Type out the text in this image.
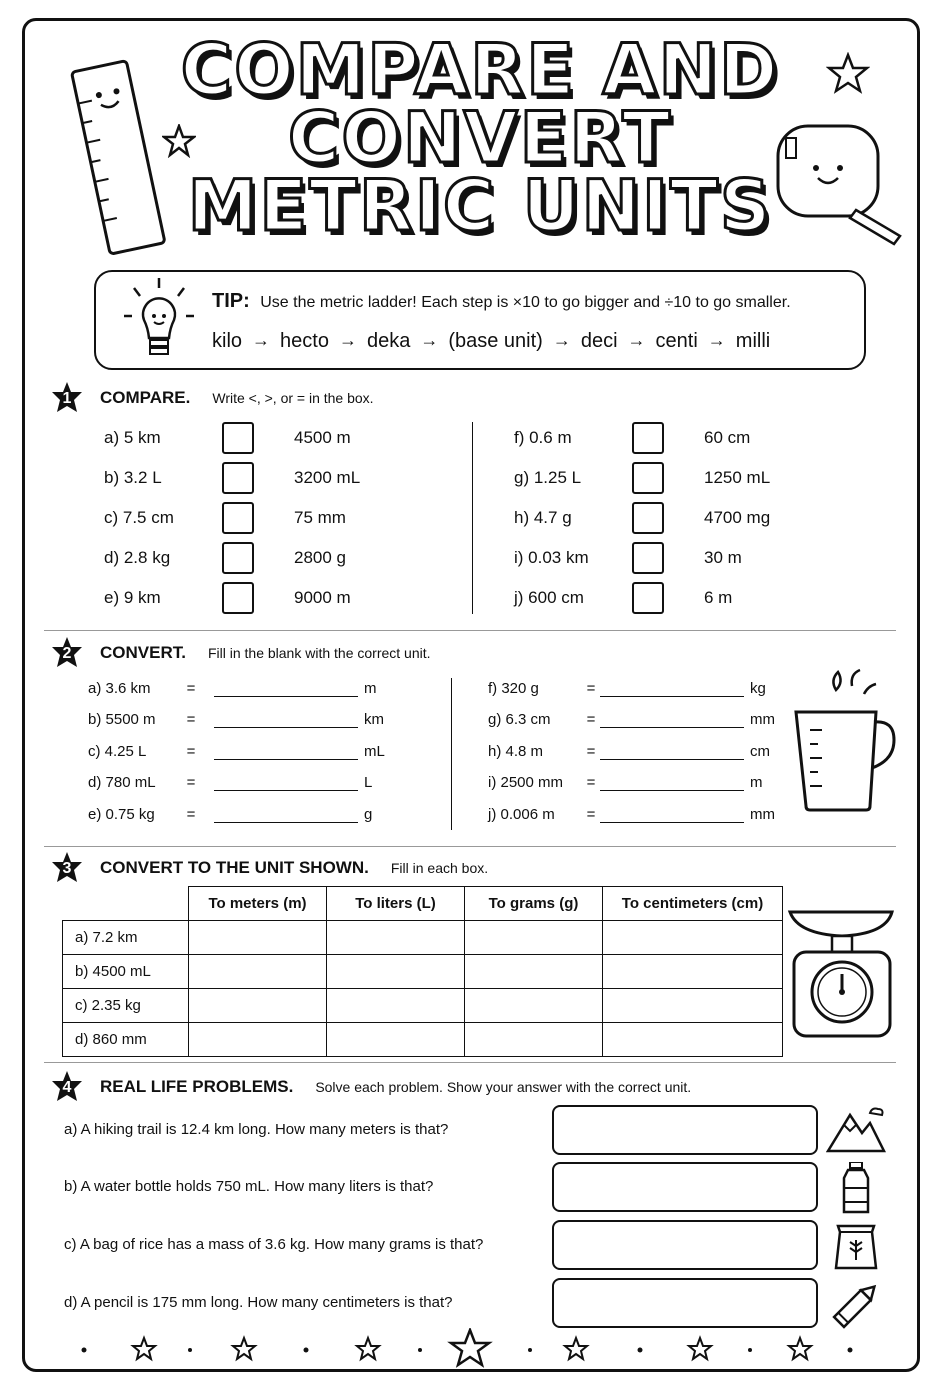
COMPARE AND
CONVERT
METRIC UNITS
TIP: Use the metric ladder! Each step is ×10 to go bigger and ÷10 to go smaller.
kilo → hecto → deka → (base unit) → deci → centi → milli
1	COMPARE. Write <, >, or = in the box.
a) 5 km	4500 m
b) 3.2 L	3200 mL
c) 7.5 cm	75 mm
d) 2.8 kg	2800 g
e) 9 km	9000 m
f) 0.6 m	60 cm
g) 1.25 L	1250 mL
h) 4.7 g	4700 mg
i) 0.03 km	30 m
j) 600 cm	6 m
2	CONVERT. Fill in the blank with the correct unit.
a) 3.6 km	=	m
b) 5500 m	=	km
c) 4.25 L	=	mL
d) 780 mL	=	L
e) 0.75 kg	=	g
f) 320 g	=	kg
g) 6.3 cm	=	mm
h) 4.8 m	=	cm
i) 2500 mm	=	m
j) 0.006 m	=	mm
3	CONVERT TO THE UNIT SHOWN. Fill in each box.
	To meters (m)	To liters (L)	To grams (g)	To centimeters (cm)
a) 7.2 km				
b) 4500 mL				
c) 2.35 kg				
d) 860 mm				
4	REAL LIFE PROBLEMS. Solve each problem. Show your answer with the correct unit.
a) A hiking trail is 12.4 km long. How many meters is that?
b) A water bottle holds 750 mL. How many liters is that?
c) A bag of rice has a mass of 3.6 kg. How many grams is that?
d) A pencil is 175 mm long. How many centimeters is that?
